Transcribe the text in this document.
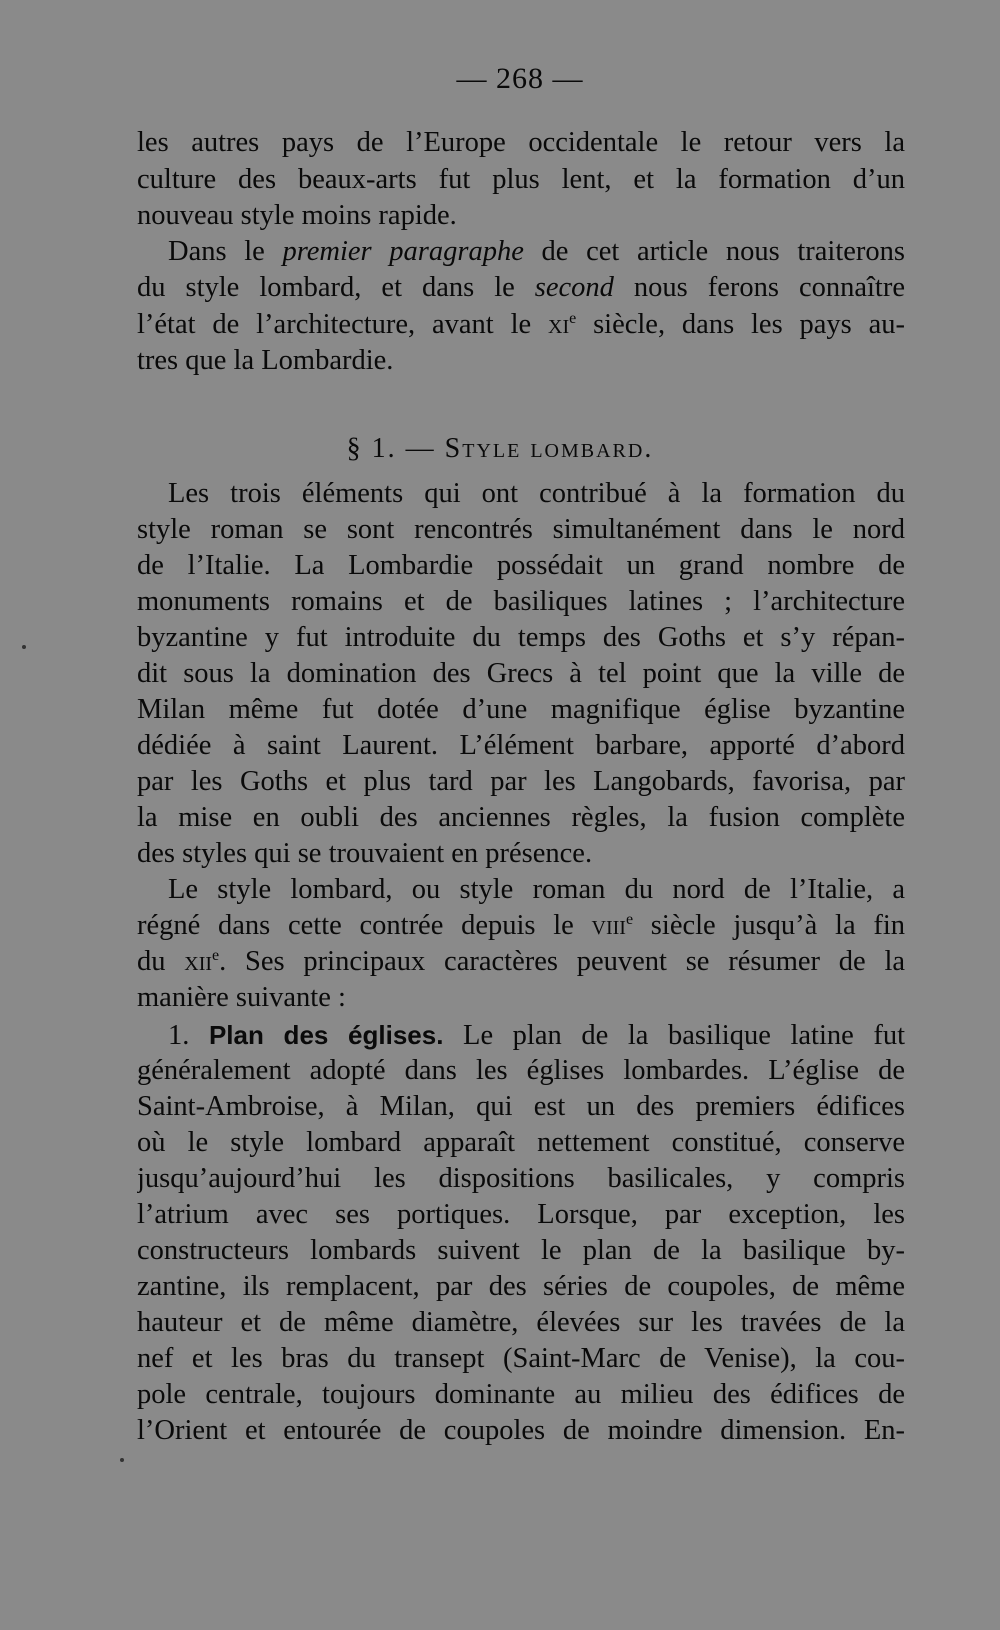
— 268 —
les autres pays de l’Europe occidentale le retour vers la
culture des beaux-arts fut plus lent, et la formation d’un
nouveau style moins rapide.
Dans le premier paragraphe de cet article nous traiterons
du style lombard, et dans le second nous ferons connaître
l’état de l’architecture, avant le $xi^e$ siècle, dans les pays au-
tres que la Lombardie.
§ 1. — Style lombard.
Les trois éléments qui ont contribué à la formation du
style roman se sont rencontrés simultanément dans le nord
de l’Italie. La Lombardie possédait un grand nombre de
monuments romains et de basiliques latines ; l’architecture
byzantine y fut introduite du temps des Goths et s’y répan-
dit sous la domination des Grecs à tel point que la ville de
Milan même fut dotée d’une magnifique église byzantine
dédiée à saint Laurent. L’élément barbare, apporté d’abord
par les Goths et plus tard par les Langobards, favorisa, par
la mise en oubli des anciennes règles, la fusion complète
des styles qui se trouvaient en présence.
Le style lombard, ou style roman du nord de l’Italie, a
régné dans cette contrée depuis le viii$^e$ siècle jusqu’à la fin
du xii$^e$. Ses principaux caractères peuvent se résumer de la
manière suivante :
1. Plan des églises. Le plan de la basilique latine fut
généralement adopté dans les églises lombardes. L’église de
Saint-Ambroise, à Milan, qui est un des premiers édifices
où le style lombard apparaît nettement constitué, conserve
jusqu’aujourd’hui les dispositions basilicales, y compris
l’atrium avec ses portiques. Lorsque, par exception, les
constructeurs lombards suivent le plan de la basilique by-
zantine, ils remplacent, par des séries de coupoles, de même
hauteur et de même diamètre, élevées sur les travées de la
nef et les bras du transept (Saint-Marc de Venise), la cou-
pole centrale, toujours dominante au milieu des édifices de
l’Orient et entourée de coupoles de moindre dimension. En-
